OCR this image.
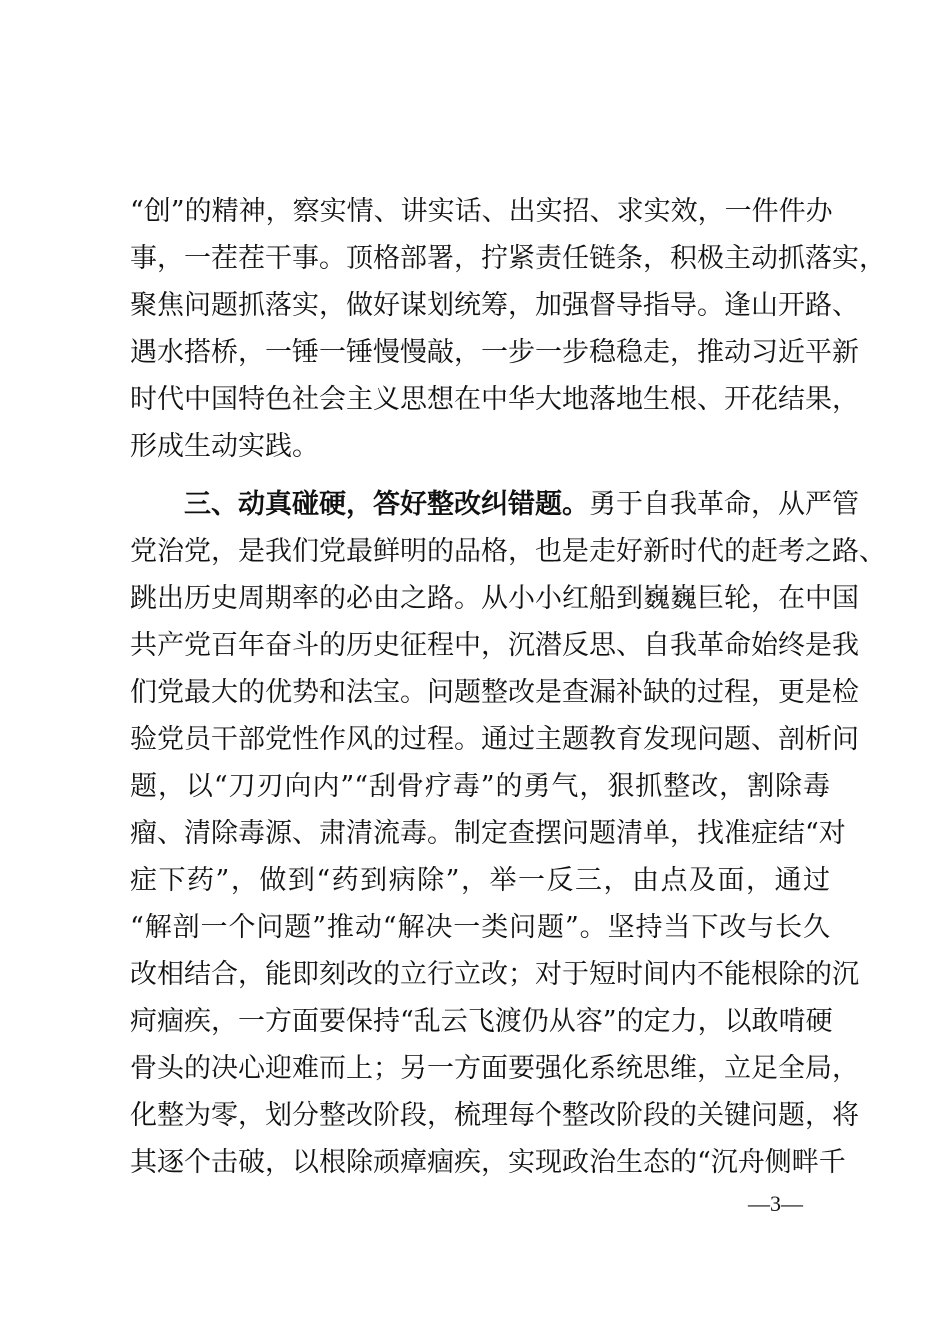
“创”的精神，察实情、讲实话、出实招、求实效，一件件办
事，一茬茬干事。顶格部署，拧紧责任链条，积极主动抓落实，
聚焦问题抓落实，做好谋划统筹，加强督导指导。逢山开路、
遇水搭桥，一锤一锤慢慢敲，一步一步稳稳走，推动习近平新
时代中国特色社会主义思想在中华大地落地生根、开花结果，
形成生动实践。
三、动真碰硬，答好整改纠错题。勇于自我革命，从严管
党治党，是我们党最鲜明的品格，也是走好新时代的赶考之路、
跳出历史周期率的必由之路。从小小红船到巍巍巨轮，在中国
共产党百年奋斗的历史征程中，沉潜反思、自我革命始终是我
们党最大的优势和法宝。问题整改是查漏补缺的过程，更是检
验党员干部党性作风的过程。通过主题教育发现问题、剖析问
题，以“刀刃向内”“刮骨疗毒”的勇气，狠抓整改，割除毒
瘤、清除毒源、肃清流毒。制定查摆问题清单，找准症结“对
症下药”，做到“药到病除”，举一反三，由点及面，通过
“解剖一个问题”推动“解决一类问题”。坚持当下改与长久
改相结合，能即刻改的立行立改；对于短时间内不能根除的沉
疴痼疾，一方面要保持“乱云飞渡仍从容”的定力，以敢啃硬
骨头的决心迎难而上；另一方面要强化系统思维，立足全局，
化整为零，划分整改阶段，梳理每个整改阶段的关键问题，将
其逐个击破，以根除顽瘴痼疾，实现政治生态的“沉舟侧畔千
—3—
